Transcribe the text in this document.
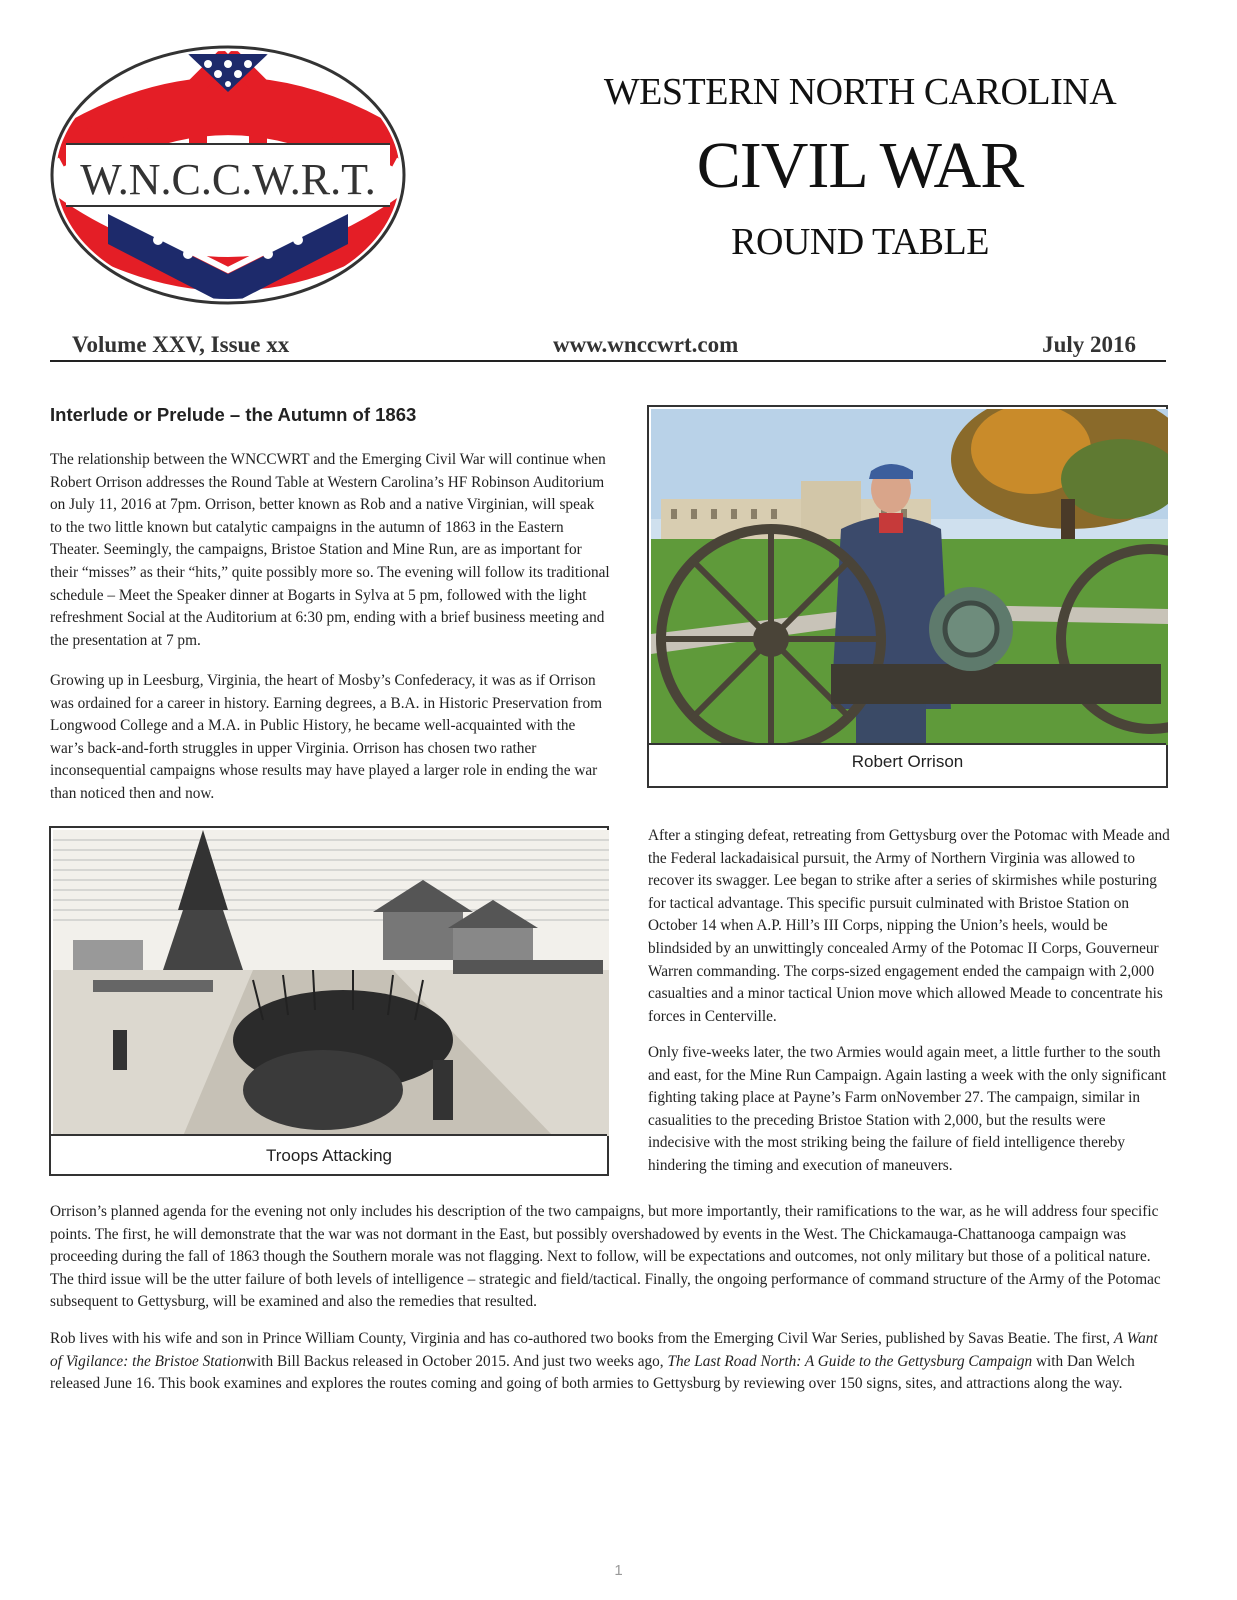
W.N.C.C.W.R.T.
WESTERN NORTH CAROLINA
CIVIL WAR
ROUND TABLE
Volume XXV, Issue xx	www.wnccwrt.com	July 2016
Interlude or Prelude – the Autumn of 1863

The relationship between the WNCCWRT and the Emerging Civil War will continue when Robert Orrison addresses the Round Table at Western Carolina’s HF Robinson Auditorium on July 11, 2016 at 7pm. Orrison, better known as Rob and a native Virginian, will speak to the two little known but catalytic campaigns in the autumn of 1863 in the Eastern Theater. Seemingly, the campaigns, Bristoe Station and Mine Run, are as important for their “misses” as their “hits,” quite possibly more so. The evening will follow its traditional schedule – Meet the Speaker dinner at Bogarts in Sylva at 5 pm, followed with the light refreshment Social at the Auditorium at 6:30 pm, ending with a brief business meeting and the presentation at 7 pm.

Growing up in Leesburg, Virginia, the heart of Mosby’s Confederacy, it was as if Orrison was ordained for a career in history. Earning degrees, a B.A. in Historic Preservation from Longwood College and a M.A. in Public History, he became well-acquainted with the war’s back-and-forth struggles in upper Virginia. Orrison has chosen two rather inconsequential campaigns whose results may have played a larger role in ending the war than noticed then and now.

Robert Orrison
Troops Attacking

After a stinging defeat, retreating from Gettysburg over the Potomac with Meade and the Federal lackadaisical pursuit, the Army of Northern Virginia was allowed to recover its swagger. Lee began to strike after a series of skirmishes while posturing for tactical advantage. This specific pursuit culminated with Bristoe Station on October 14 when A.P. Hill’s III Corps, nipping the Union’s heels, would be blindsided by an unwittingly concealed Army of the Potomac II Corps, Gouverneur Warren commanding. The corps-sized engagement ended the campaign with 2,000 casualties and a minor tactical Union move which allowed Meade to concentrate his forces in Centerville.

Only five-weeks later, the two Armies would again meet, a little further to the south and east, for the Mine Run Campaign. Again lasting a week with the only significant fighting taking place at Payne’s Farm onNovember 27. The campaign, similar in casualities to the preceding Bristoe Station with 2,000, but the results were indecisive with the most striking being the failure of field intelligence thereby hindering the timing and execution of maneuvers.

Orrison’s planned agenda for the evening not only includes his description of the two campaigns, but more importantly, their ramifications to the war, as he will address four specific points. The first, he will demonstrate that the war was not dormant in the East, but possibly overshadowed by events in the West. The Chickamauga-Chattanooga campaign was proceeding during the fall of 1863 though the Southern morale was not flagging. Next to follow, will be expectations and outcomes, not only military but those of a political nature. The third issue will be the utter failure of both levels of intelligence – strategic and field/tactical. Finally, the ongoing performance of command structure of the Army of the Potomac subsequent to Gettysburg, will be examined and also the remedies that resulted.

Rob lives with his wife and son in Prince William County, Virginia and has co-authored two books from the Emerging Civil War Series, published by Savas Beatie. The first, A Want of Vigilance: the Bristoe Stationwith Bill Backus released in October 2015. And just two weeks ago, The Last Road North: A Guide to the Gettysburg Campaign with Dan Welch released June 16. This book examines and explores the routes coming and going of both armies to Gettysburg by reviewing over 150 signs, sites, and attractions along the way.

1
